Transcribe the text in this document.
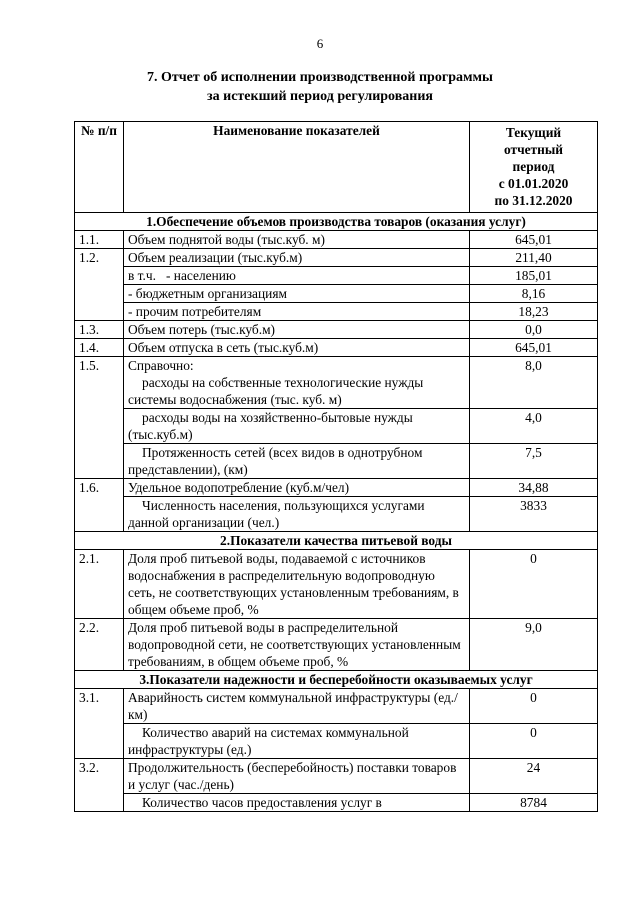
6
7. Отчет об исполнении производственной программы
за истекший период регулирования
№ п/п	Наименование показателей	Текущий
отчетный
период
с 01.01.2020
по 31.12.2020

1.Обеспечение объемов производства товаров (оказания услуг)		
1.1.	Объем поднятой воды (тыс.куб. м)	645,01
1.2.	Объем реализации (тыс.куб.м)	211,40
	в т.ч. - населению	185,01
	- бюджетным организациям	8,16
	- прочим потребителям	18,23
1.3.	Объем потерь (тыс.куб.м)	0,0
1.4.	Объем отпуска в сеть (тыс.куб.м)	645,01
1.5.	Справочно:	8,0

	расходы на собственные технологические нужды системы водоснабжения (тыс. куб. м)	

	расходы воды на хозяйственно-бытовые нужды (тыс.куб.м)	4,0

	Протяженность сетей (всех видов в однотрубном представлении), (км)	7,5
1.6.	Удельное водопотребление (куб.м/чел)	34,88

	Численность населения, пользующихся услугами данной организации (чел.)	3833
2.Показатели качества питьевой воды		
2.1.	Доля проб питьевой воды, подаваемой с источников водоснабжения в распределительную водопроводную сеть, не соответствующих установленным требованиям, в общем объеме проб, %	0
2.2.	Доля проб питьевой воды в распределительной водопроводной сети, не соответствующих установленным требованиям, в общем объеме проб, %	9,0
3.Показатели надежности и бесперебойности оказываемых услуг		
3.1.	Аварийность систем коммунальной инфраструктуры (ед./км)	0

	Количество аварий на системах коммунальной инфраструктуры (ед.)	0
3.2.	Продолжительность (бесперебойность) поставки товаров и услуг (час./день)	24

	Количество часов предоставления услуг в	8784
